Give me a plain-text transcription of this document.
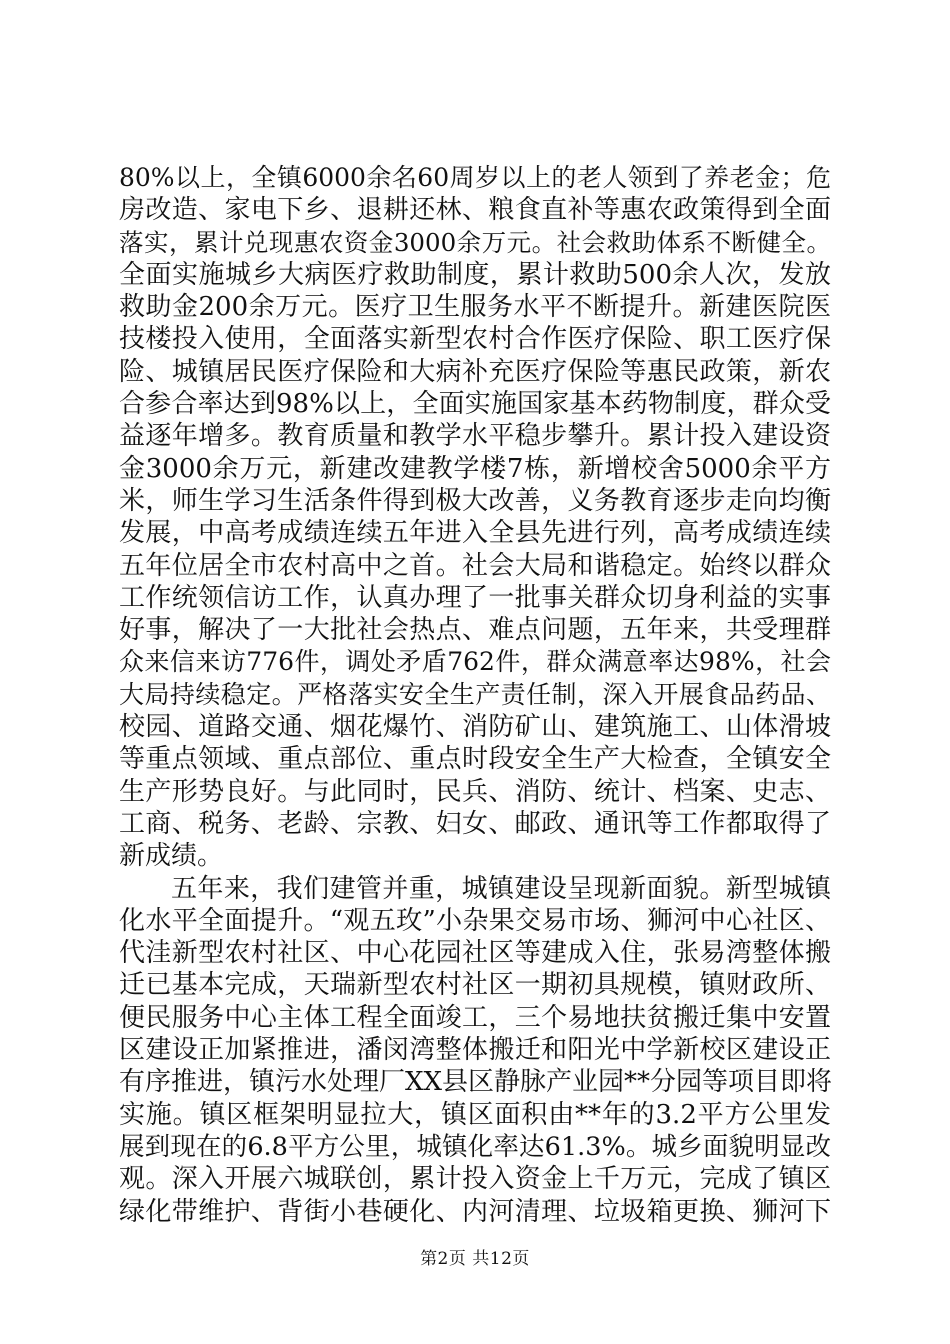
80%以上，全镇6000余名60周岁以上的老人领到了养老金；危
房改造、家电下乡、退耕还林、粮食直补等惠农政策得到全面
落实，累计兑现惠农资金3000余万元。社会救助体系不断健全。
全面实施城乡大病医疗救助制度，累计救助500余人次，发放
救助金200余万元。医疗卫生服务水平不断提升。新建医院医
技楼投入使用，全面落实新型农村合作医疗保险、职工医疗保
险、城镇居民医疗保险和大病补充医疗保险等惠民政策，新农
合参合率达到98%以上，全面实施国家基本药物制度，群众受
益逐年增多。教育质量和教学水平稳步攀升。累计投入建设资
金3000余万元，新建改建教学楼7栋，新增校舍5000余平方
米，师生学习生活条件得到极大改善，义务教育逐步走向均衡
发展，中高考成绩连续五年进入全县先进行列，高考成绩连续
五年位居全市农村高中之首。社会大局和谐稳定。始终以群众
工作统领信访工作，认真办理了一批事关群众切身利益的实事
好事，解决了一大批社会热点、难点问题，五年来，共受理群
众来信来访776件，调处矛盾762件，群众满意率达98%，社会
大局持续稳定。严格落实安全生产责任制，深入开展食品药品、
校园、道路交通、烟花爆竹、消防矿山、建筑施工、山体滑坡
等重点领域、重点部位、重点时段安全生产大检查，全镇安全
生产形势良好。与此同时，民兵、消防、统计、档案、史志、
工商、税务、老龄、宗教、妇女、邮政、通讯等工作都取得了
新成绩。
五年来，我们建管并重，城镇建设呈现新面貌。新型城镇
化水平全面提升。“观五玫”小杂果交易市场、狮河中心社区、
代洼新型农村社区、中心花园社区等建成入住，张易湾整体搬
迁已基本完成，天瑞新型农村社区一期初具规模，镇财政所、
便民服务中心主体工程全面竣工，三个易地扶贫搬迁集中安置
区建设正加紧推进，潘闵湾整体搬迁和阳光中学新校区建设正
有序推进，镇污水处理厂XX县区静脉产业园**分园等项目即将
实施。镇区框架明显拉大，镇区面积由**年的3.2平方公里发
展到现在的6.8平方公里，城镇化率达61.3%。城乡面貌明显改
观。深入开展六城联创，累计投入资金上千万元，完成了镇区
绿化带维护、背街小巷硬化、内河清理、垃圾箱更换、狮河下
第2页 共12页
